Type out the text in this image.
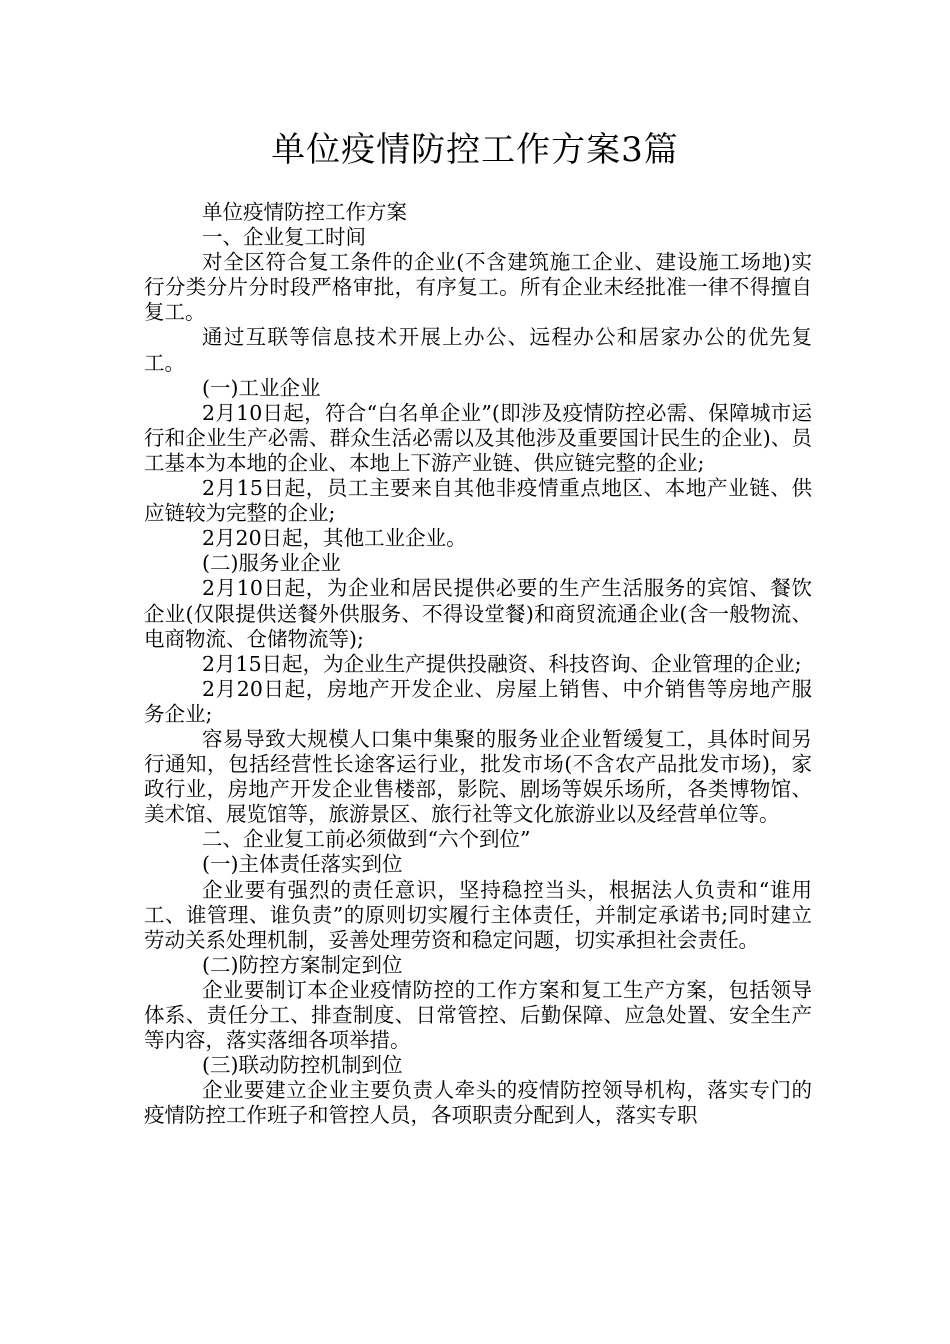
单位疫情防控工作方案3篇

单位疫情防控工作方案

一、企业复工时间

对全区符合复工条件的企业(不含建筑施工企业、建设施工场地)实行分类分片分时段严格审批，有序复工。所有企业未经批准一律不得擅自复工。

通过互联等信息技术开展上办公、远程办公和居家办公的优先复工。

(一)工业企业

2月10日起，符合“白名单企业”(即涉及疫情防控必需、保障城市运行和企业生产必需、群众生活必需以及其他涉及重要国计民生的企业)、员工基本为本地的企业、本地上下游产业链、供应链完整的企业;

2月15日起，员工主要来自其他非疫情重点地区、本地产业链、供应链较为完整的企业;

2月20日起，其他工业企业。

(二)服务业企业

2月10日起，为企业和居民提供必要的生产生活服务的宾馆、餐饮企业(仅限提供送餐外供服务、不得设堂餐)和商贸流通企业(含一般物流、电商物流、仓储物流等);

2月15日起，为企业生产提供投融资、科技咨询、企业管理的企业;

2月20日起，房地产开发企业、房屋上销售、中介销售等房地产服务企业;

容易导致大规模人口集中集聚的服务业企业暂缓复工，具体时间另行通知，包括经营性长途客运行业，批发市场(不含农产品批发市场)，家政行业，房地产开发企业售楼部，影院、剧场等娱乐场所，各类博物馆、美术馆、展览馆等，旅游景区、旅行社等文化旅游业以及经营单位等。

二、企业复工前必须做到“六个到位”

(一)主体责任落实到位

企业要有强烈的责任意识，坚持稳控当头，根据法人负责和“谁用工、谁管理、谁负责”的原则切实履行主体责任，并制定承诺书;同时建立劳动关系处理机制，妥善处理劳资和稳定问题，切实承担社会责任。

(二)防控方案制定到位

企业要制订本企业疫情防控的工作方案和复工生产方案，包括领导体系、责任分工、排查制度、日常管控、后勤保障、应急处置、安全生产等内容，落实落细各项举措。

(三)联动防控机制到位

企业要建立企业主要负责人牵头的疫情防控领导机构，落实专门的疫情防控工作班子和管控人员，各项职责分配到人，落实专职
